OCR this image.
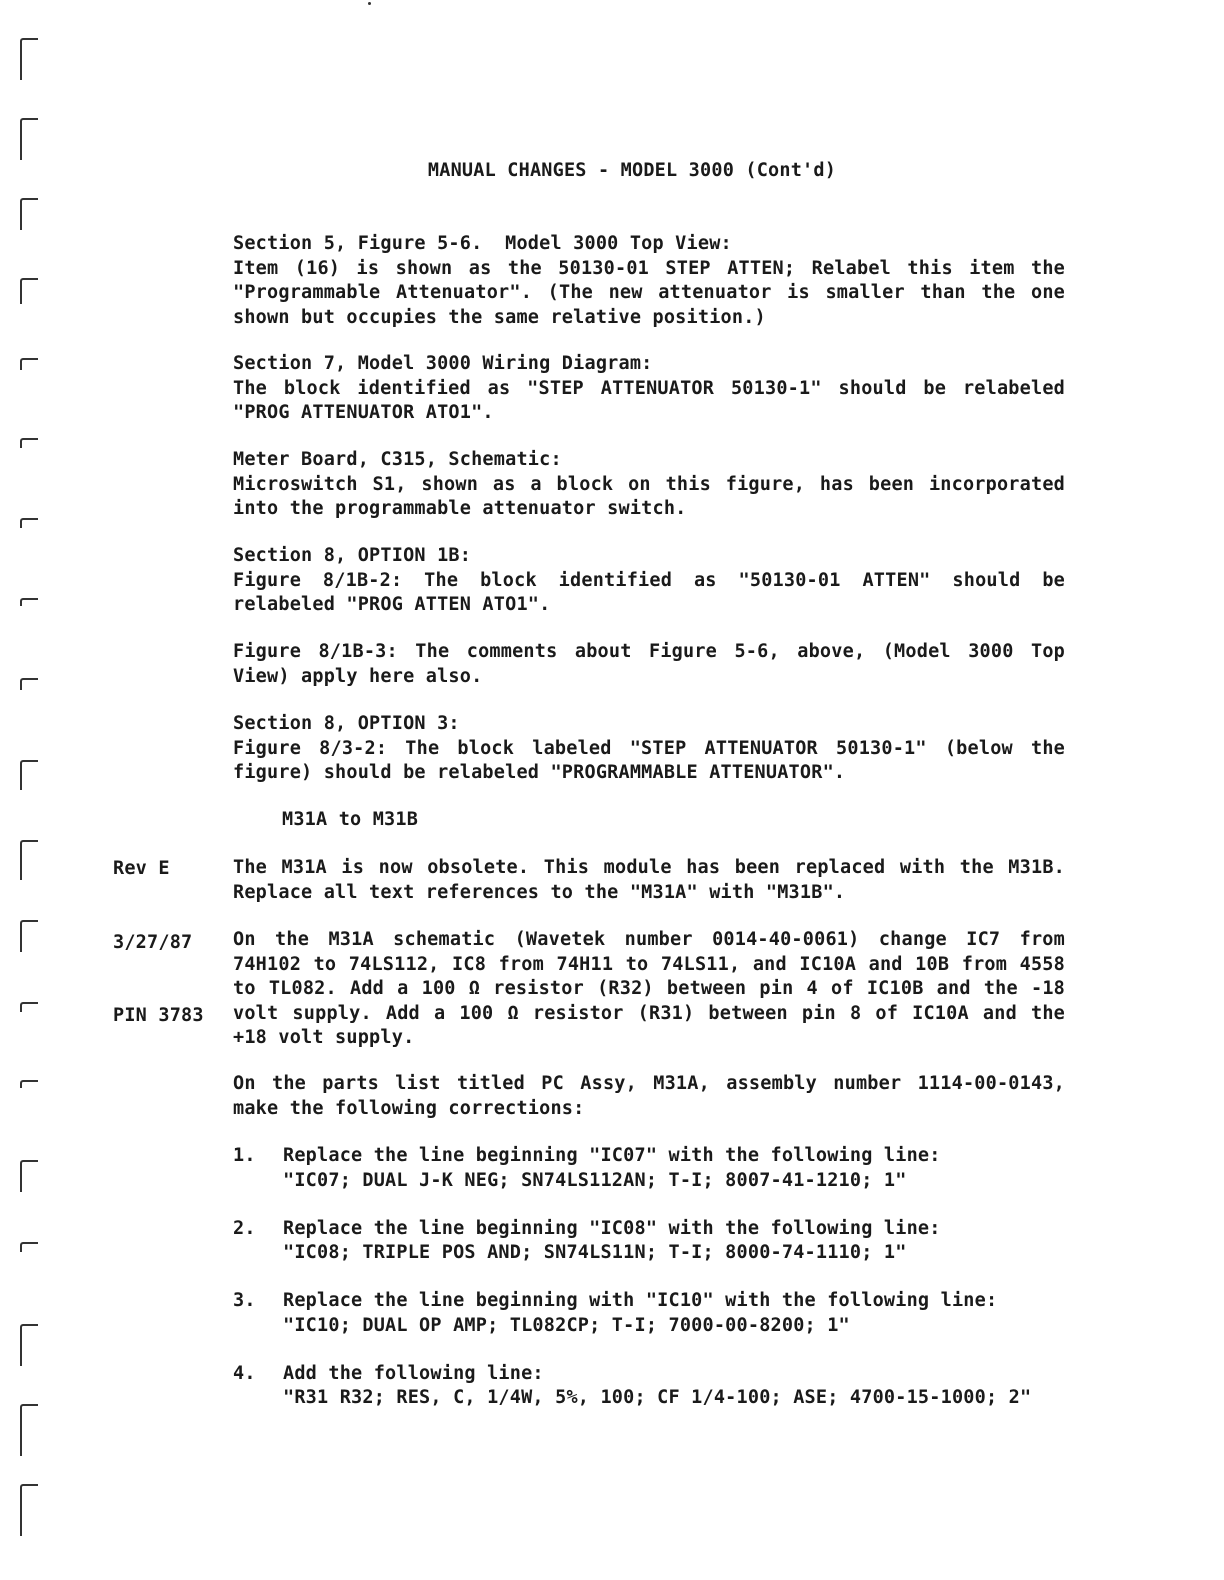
MANUAL CHANGES - MODEL 3000 (Cont'd)
Section 5, Figure 5-6.  Model 3000 Top View:
Item (16) is shown as the 50130-01 STEP ATTEN; Relabel this item the "Programmable Attenuator". (The new attenuator is smaller than the one shown but occupies the same relative position.)
Section 7, Model 3000 Wiring Diagram:
The block identified as "STEP ATTENUATOR 50130-1" should be relabeled "PROG ATTENUATOR ATO1".
Meter Board, C315, Schematic:
Microswitch S1, shown as a block on this figure, has been incorporated into the programmable attenuator switch.
Section 8, OPTION 1B:
Figure 8/1B-2: The block identified as "50130-01 ATTEN" should be relabeled "PROG ATTEN ATO1".
Figure 8/1B-3: The comments about Figure 5-6, above, (Model 3000 Top View) apply here also.
Section 8, OPTION 3:
Figure 8/3-2: The block labeled "STEP ATTENUATOR 50130-1" (below the figure) should be relabeled "PROGRAMMABLE ATTENUATOR".

Rev E

3/27/87

PIN 3783

M31A to M31B
The M31A is now obsolete. This module has been replaced with the M31B. Replace all text references to the "M31A" with "M31B".
On the M31A schematic (Wavetek number 0014-40-0061) change IC7 from 74H102 to 74LS112, IC8 from 74H11 to 74LS11, and IC10A and 10B from 4558 to TL082. Add a 100 Ω resistor (R32) between pin 4 of IC10B and the -18 volt supply. Add a 100 Ω resistor (R31) between pin 8 of IC10A and the +18 volt supply.
On the parts list titled PC Assy, M31A, assembly number 1114-00-0143, make the following corrections:
1. Replace the line beginning "IC07" with the following line:
"IC07; DUAL J-K NEG; SN74LS112AN; T-I; 8007-41-1210; 1"
2. Replace the line beginning "IC08" with the following line:
"IC08; TRIPLE POS AND; SN74LS11N; T-I; 8000-74-1110; 1"
3. Replace the line beginning with "IC10" with the following line:
"IC10; DUAL OP AMP; TL082CP; T-I; 7000-00-8200; 1"
4. Add the following line:
"R31 R32; RES, C, 1/4W, 5%, 100; CF 1/4-100; ASE; 4700-15-1000; 2"
